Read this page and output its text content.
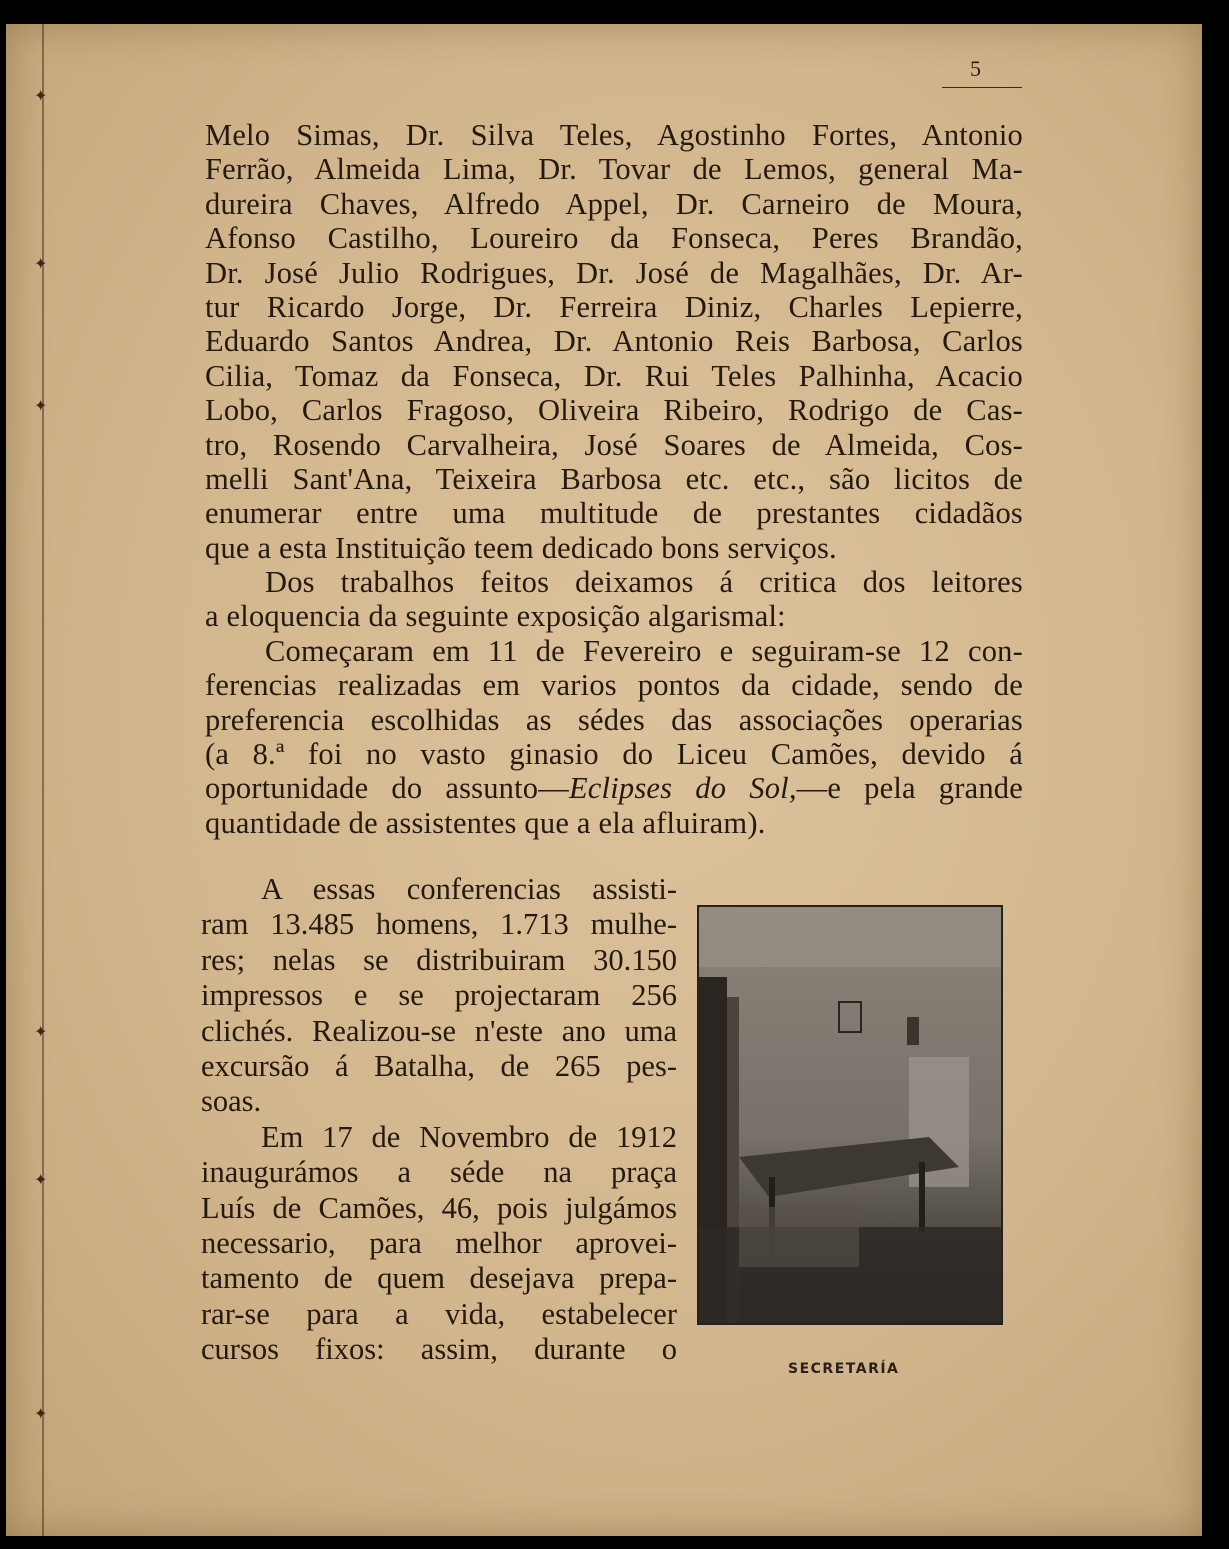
✦
✦
✦
✦
✦
✦
5
Melo Simas, Dr. Silva Teles, Agostinho Fortes, Antonio
Ferrão, Almeida Lima, Dr. Tovar de Lemos, general Ma-
dureira Chaves, Alfredo Appel, Dr. Carneiro de Moura,
Afonso Castilho, Loureiro da Fonseca, Peres Brandão,
Dr. José Julio Rodrigues, Dr. José de Magalhães, Dr. Ar-
tur Ricardo Jorge, Dr. Ferreira Diniz, Charles Lepierre,
Eduardo Santos Andrea, Dr. Antonio Reis Barbosa, Carlos
Cilia, Tomaz da Fonseca, Dr. Rui Teles Palhinha, Acacio
Lobo, Carlos Fragoso, Oliveira Ribeiro, Rodrigo de Cas-
tro, Rosendo Carvalheira, José Soares de Almeida, Cos-
melli Sant'Ana, Teixeira Barbosa etc. etc., são licitos de
enumerar entre uma multitude de prestantes cidadãos
que a esta Instituição teem dedicado bons serviços.
Dos trabalhos feitos deixamos á critica dos leitores
a eloquencia da seguinte exposição algarismal:
Começaram em 11 de Fevereiro e seguiram-se 12 con-
ferencias realizadas em varios pontos da cidade, sendo de
preferencia escolhidas as sédes das associações operarias
(a 8.ª foi no vasto ginasio do Liceu Camões, devido á
oportunidade do assunto—Eclipses do Sol,—e pela grande
quantidade de assistentes que a ela afluiram).
A essas conferencias assisti-
ram 13.485 homens, 1.713 mulhe-
res; nelas se distribuiram 30.150
impressos e se projectaram 256
clichés. Realizou-se n'este ano uma
excursão á Batalha, de 265 pes-
soas.
Em 17 de Novembro de 1912
inaugurámos a séde na praça
Luís de Camões, 46, pois julgámos
necessario, para melhor aprovei-
tamento de quem desejava prepa-
rar-se para a vida, estabelecer
cursos fixos: assim, durante o
SECRETARÍA
